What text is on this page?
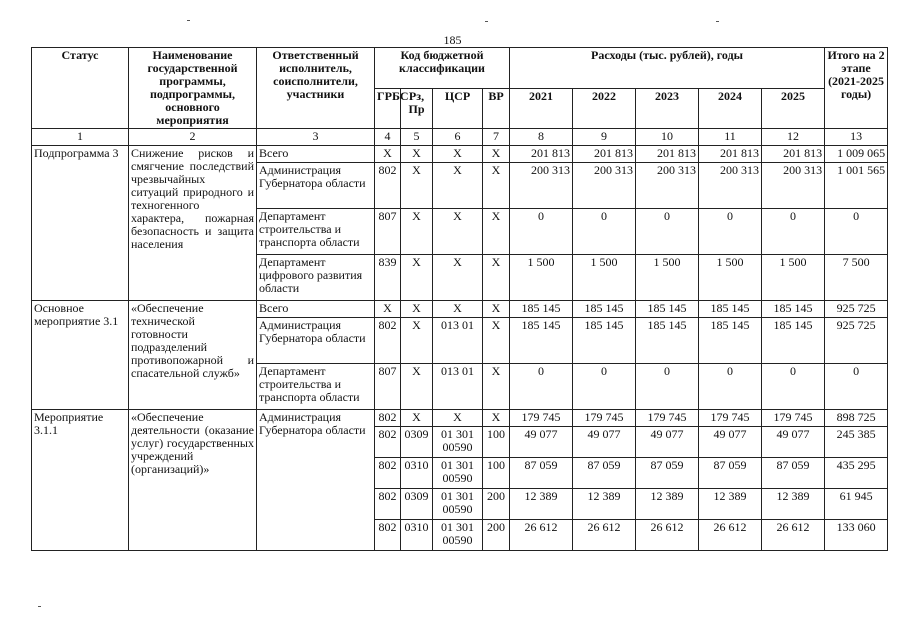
185
Статус	Наименование государственной программы, подпрограммы, основного мероприятия	Ответственный исполнитель, соисполнители, участники	Код бюджетной классификации				Расходы (тыс. рублей), годы					Итого на 2 этапе (2021-2025 годы)
			ГРБС	Рз, Пр	ЦСР	ВР	2021	2022	2023	2024	2025	
1	2	3	4	5	6	7	8	9	10	11	12	13
Подпрограмма 3	Снижение рисков и смягчение последствий чрезвычайных ситуаций природного и техногенного характера, пожарная безопасность и защита населения	Всего	X	X	X	X	201 813	201 813	201 813	201 813	201 813	1 009 065
		Администрация Губернатора области	802	X	X	X	200 313	200 313	200 313	200 313	200 313	1 001 565
		Департамент строительства и транспорта области	807	X	X	X	0	0	0	0	0	0
		Департамент цифрового развития области	839	X	X	X	1 500	1 500	1 500	1 500	1 500	7 500
Основное мероприятие 3.1	«Обеспечение технической готовности подразделений противопожарной и спасательной служб»	Всего	X	X	X	X	185 145	185 145	185 145	185 145	185 145	925 725
		Администрация Губернатора области	802	X	013 01	X	185 145	185 145	185 145	185 145	185 145	925 725
		Департамент строительства и транспорта области	807	X	013 01	X	0	0	0	0	0	0
Мероприятие 3.1.1	«Обеспечение деятельности (оказание услуг) государственных учреждений (организаций)»	Администрация Губернатора области	802	X	X	X	179 745	179 745	179 745	179 745	179 745	898 725
			802	0309	01 301 00590	100	49 077	49 077	49 077	49 077	49 077	245 385
			802	0310	01 301 00590	100	87 059	87 059	87 059	87 059	87 059	435 295
			802	0309	01 301 00590	200	12 389	12 389	12 389	12 389	12 389	61 945
			802	0310	01 301 00590	200	26 612	26 612	26 612	26 612	26 612	133 060
